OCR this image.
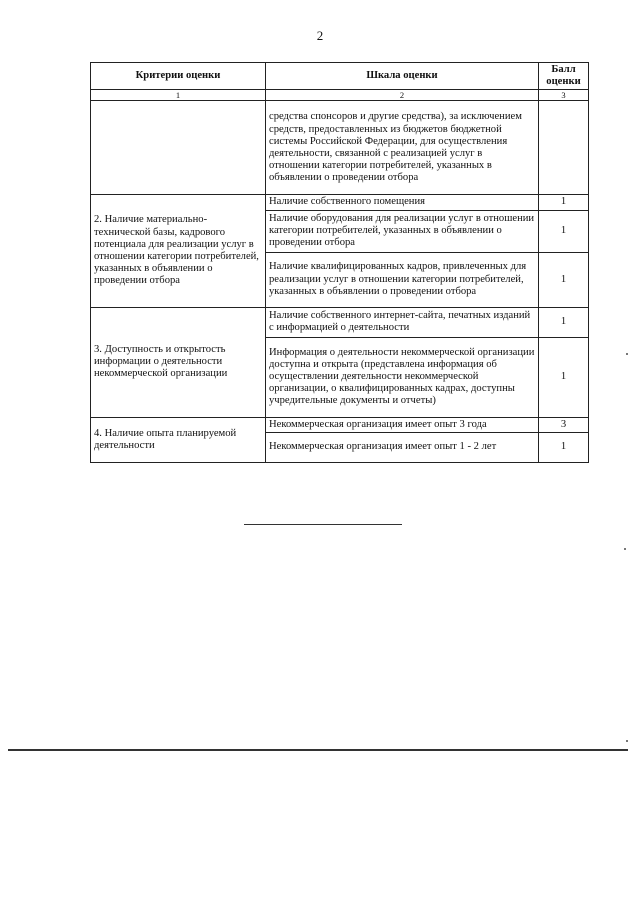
2
Критерии оценки	Шкала оценки	Балл оценки
1	2	3
	средства спонсоров и другие средства), за исключением средств, предоставленных из бюджетов бюджетной системы Российской Федерации, для осуществления деятельности, связанной с реализацией услуг в отношении категории потребителей, указанных в объявлении о проведении отбора	
2. Наличие материально-технической базы, кадрового потенциала для реализации услуг в отношении категории потребителей, указанных в объявлении о проведении отбора	Наличие собственного помещения	1
	Наличие оборудования для реализации услуг в отношении категории потребителей, указанных в объявлении о проведении отбора	1
	Наличие квалифицированных кадров, привлеченных для реализации услуг в отношении категории потребителей, указанных в объявлении о проведении отбора	1
3. Доступность и открытость информации о деятельности некоммерческой организации	Наличие собственного интернет-сайта, печатных изданий с информацией о деятельности	1
	Информация о деятельности некоммерческой организации доступна и открыта (представлена информация об осуществлении деятельности некоммерческой организации, о квалифицированных кадрах, доступны учредительные документы и отчеты)	1
4. Наличие опыта планируемой деятельности	Некоммерческая организация имеет опыт 3 года	3
	Некоммерческая организация имеет опыт 1 - 2 лет	1
